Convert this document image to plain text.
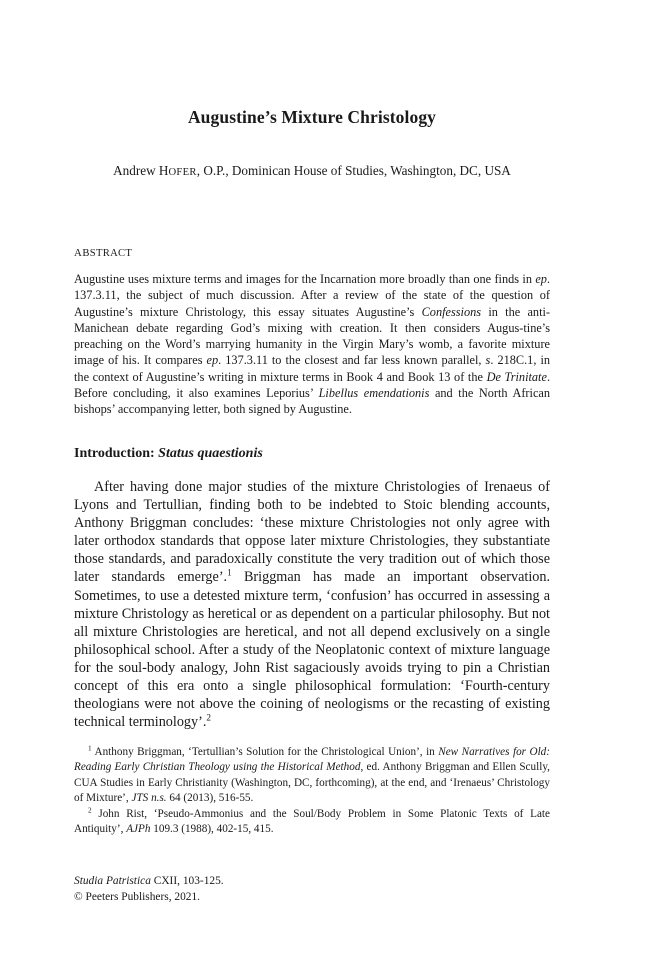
Augustine’s Mixture Christology
Andrew HOFER, O.P., Dominican House of Studies, Washington, DC, USA
ABSTRACT
Augustine uses mixture terms and images for the Incarnation more broadly than one finds in ep. 137.3.11, the subject of much discussion. After a review of the state of the question of Augustine’s mixture Christology, this essay situates Augustine’s Confessions in the anti-Manichean debate regarding God’s mixing with creation. It then considers Augus-tine’s preaching on the Word’s marrying humanity in the Virgin Mary’s womb, a favorite mixture image of his. It compares ep. 137.3.11 to the closest and far less known parallel, s. 218C.1, in the context of Augustine’s writing in mixture terms in Book 4 and Book 13 of the De Trinitate. Before concluding, it also examines Leporius’ Libellus emendationis and the North African bishops’ accompanying letter, both signed by Augustine.
Introduction: Status quaestionis

After having done major studies of the mixture Christologies of Irenaeus of Lyons and Tertullian, finding both to be indebted to Stoic blending accounts, Anthony Briggman concludes: ‘these mixture Christologies not only agree with later orthodox standards that oppose later mixture Christologies, they substantiate those standards, and paradoxically constitute the very tradition out of which those later standards emerge’.$^1$ Briggman has made an important observation. Sometimes, to use a detested mixture term, ‘confusion’ has occurred in assessing a mixture Christology as heretical or as dependent on a particular philosophy. But not all mixture Christologies are heretical, and not all depend exclusively on a single philosophical school. After a study of the Neoplatonic context of mixture language for the soul-body analogy, John Rist sagaciously avoids trying to pin a Christian concept of this era onto a single philosophical formulation: ‘Fourth-century theologians were not above the coining of neologisms or the recasting of existing technical terminology’.$^2$

$^1$ Anthony Briggman, ‘Tertullian’s Solution for the Christological Union’, in New Narratives for Old: Reading Early Christian Theology using the Historical Method, ed. Anthony Briggman and Ellen Scully, CUA Studies in Early Christianity (Washington, DC, forthcoming), at the end, and ‘Irenaeus’ Christology of Mixture’, JTS n.s. 64 (2013), 516-55.

$^2$ John Rist, ‘Pseudo-Ammonius and the Soul/Body Problem in Some Platonic Texts of Late Antiquity’, AJPh 109.3 (1988), 402-15, 415.

Studia Patristica CXII, 103-125.
© Peeters Publishers, 2021.
